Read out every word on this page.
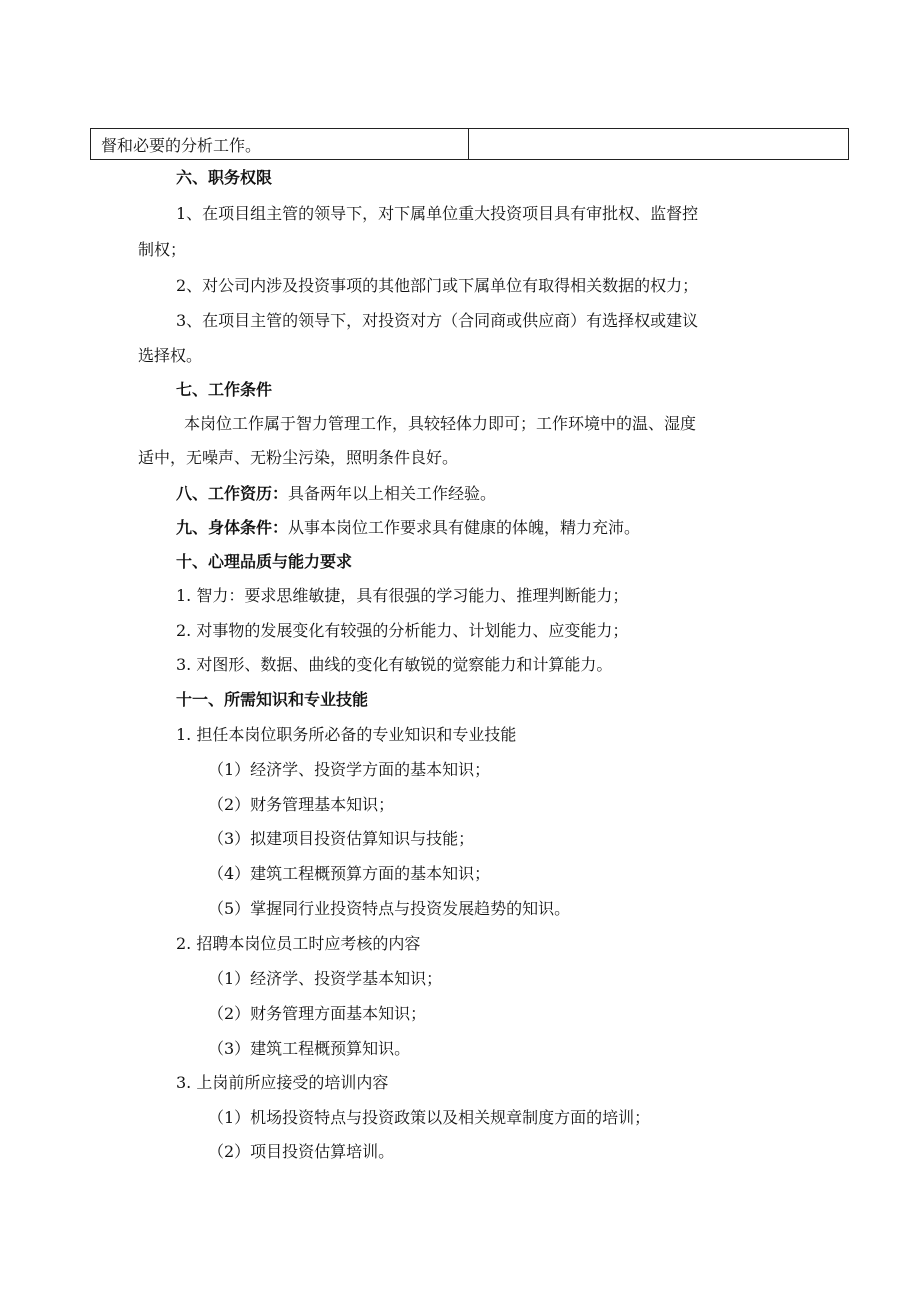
督和必要的分析工作。	
六、职务权限
1、在项目组主管的领导下，对下属单位重大投资项目具有审批权、监督控
制权；
2、对公司内涉及投资事项的其他部门或下属单位有取得相关数据的权力；
3、在项目主管的领导下，对投资对方（合同商或供应商）有选择权或建议
选择权。
七、工作条件
本岗位工作属于智力管理工作，具较轻体力即可；工作环境中的温、湿度
适中，无噪声、无粉尘污染，照明条件良好。
八、工作资历：具备两年以上相关工作经验。
九、身体条件：从事本岗位工作要求具有健康的体魄，精力充沛。
十、心理品质与能力要求
1. 智力：要求思维敏捷，具有很强的学习能力、推理判断能力；
2. 对事物的发展变化有较强的分析能力、计划能力、应变能力；
3. 对图形、数据、曲线的变化有敏锐的觉察能力和计算能力。
十一、所需知识和专业技能
1. 担任本岗位职务所必备的专业知识和专业技能
（1）经济学、投资学方面的基本知识；
（2）财务管理基本知识；
（3）拟建项目投资估算知识与技能；
（4）建筑工程概预算方面的基本知识；
（5）掌握同行业投资特点与投资发展趋势的知识。
2. 招聘本岗位员工时应考核的内容
（1）经济学、投资学基本知识；
（2）财务管理方面基本知识；
（3）建筑工程概预算知识。
3. 上岗前所应接受的培训内容
（1）机场投资特点与投资政策以及相关规章制度方面的培训；
（2）项目投资估算培训。
